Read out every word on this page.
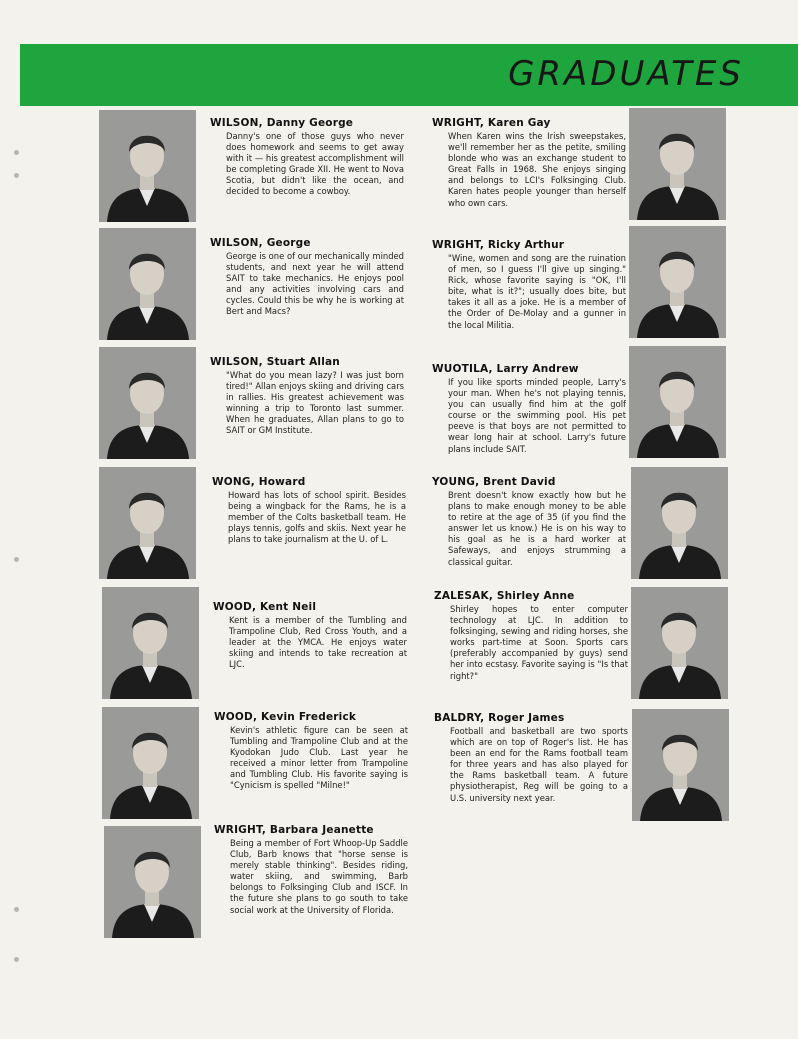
GRADUATES
WILSON, Danny George
Danny's one of those guys who never does homework and seems to get away with it — his greatest accomplishment will be completing Grade XII. He went to Nova Scotia, but didn't like the ocean, and decided to become a cowboy.
WILSON, George
George is one of our mechanically minded students, and next year he will attend SAIT to take mechanics. He enjoys pool and any activities involving cars and cycles. Could this be why he is working at Bert and Macs?
WILSON, Stuart Allan
"What do you mean lazy? I was just born tired!" Allan enjoys skiing and driving cars in rallies. His greatest achievement was winning a trip to Toronto last summer. When he graduates, Allan plans to go to SAIT or GM Institute.
WONG, Howard
Howard has lots of school spirit. Besides being a wingback for the Rams, he is a member of the Colts basketball team. He plays tennis, golfs and skiis. Next year he plans to take journalism at the U. of L.
WOOD, Kent Neil
Kent is a member of the Tumbling and Trampoline Club, Red Cross Youth, and a leader at the YMCA. He enjoys water skiing and intends to take recreation at LJC.
WOOD, Kevin Frederick
Kevin's athletic figure can be seen at Tumbling and Trampoline Club and at the Kyodokan Judo Club. Last year he received a minor letter from Trampoline and Tumbling Club. His favorite saying is "Cynicism is spelled "Milne!"
WRIGHT, Barbara Jeanette
Being a member of Fort Whoop-Up Saddle Club, Barb knows that "horse sense is merely stable thinking". Besides riding, water skiing, and swimming, Barb belongs to Folksinging Club and ISCF. In the future she plans to go south to take social work at the University of Florida.
WRIGHT, Karen Gay
When Karen wins the Irish sweepstakes, we'll remember her as the petite, smiling blonde who was an exchange student to Great Falls in 1968. She enjoys singing and belongs to LCI's Folksinging Club. Karen hates people younger than herself who own cars.
WRIGHT, Ricky Arthur
"Wine, women and song are the ruination of men, so I guess I'll give up singing." Rick, whose favorite saying is "OK, I'll bite, what is it?"; usually does bite, but takes it all as a joke. He is a member of the Order of De-Molay and a gunner in the local Militia.
WUOTILA, Larry Andrew
If you like sports minded people, Larry's your man. When he's not playing tennis, you can usually find him at the golf course or the swimming pool. His pet peeve is that boys are not permitted to wear long hair at school. Larry's future plans include SAIT.
YOUNG, Brent David
Brent doesn't know exactly how but he plans to make enough money to be able to retire at the age of 35 (if you find the answer let us know.) He is on his way to his goal as he is a hard worker at Safeways, and enjoys strumming a classical guitar.
ZALESAK, Shirley Anne
Shirley hopes to enter computer technology at LJC. In addition to folksinging, sewing and riding horses, she works part-time at Soon. Sports cars (preferably accompanied by guys) send her into ecstasy. Favorite saying is "Is that right?"
BALDRY, Roger James
Football and basketball are two sports which are on top of Roger's list. He has been an end for the Rams football team for three years and has also played for the Rams basketball team. A future physiotherapist, Reg will be going to a U.S. university next year.
